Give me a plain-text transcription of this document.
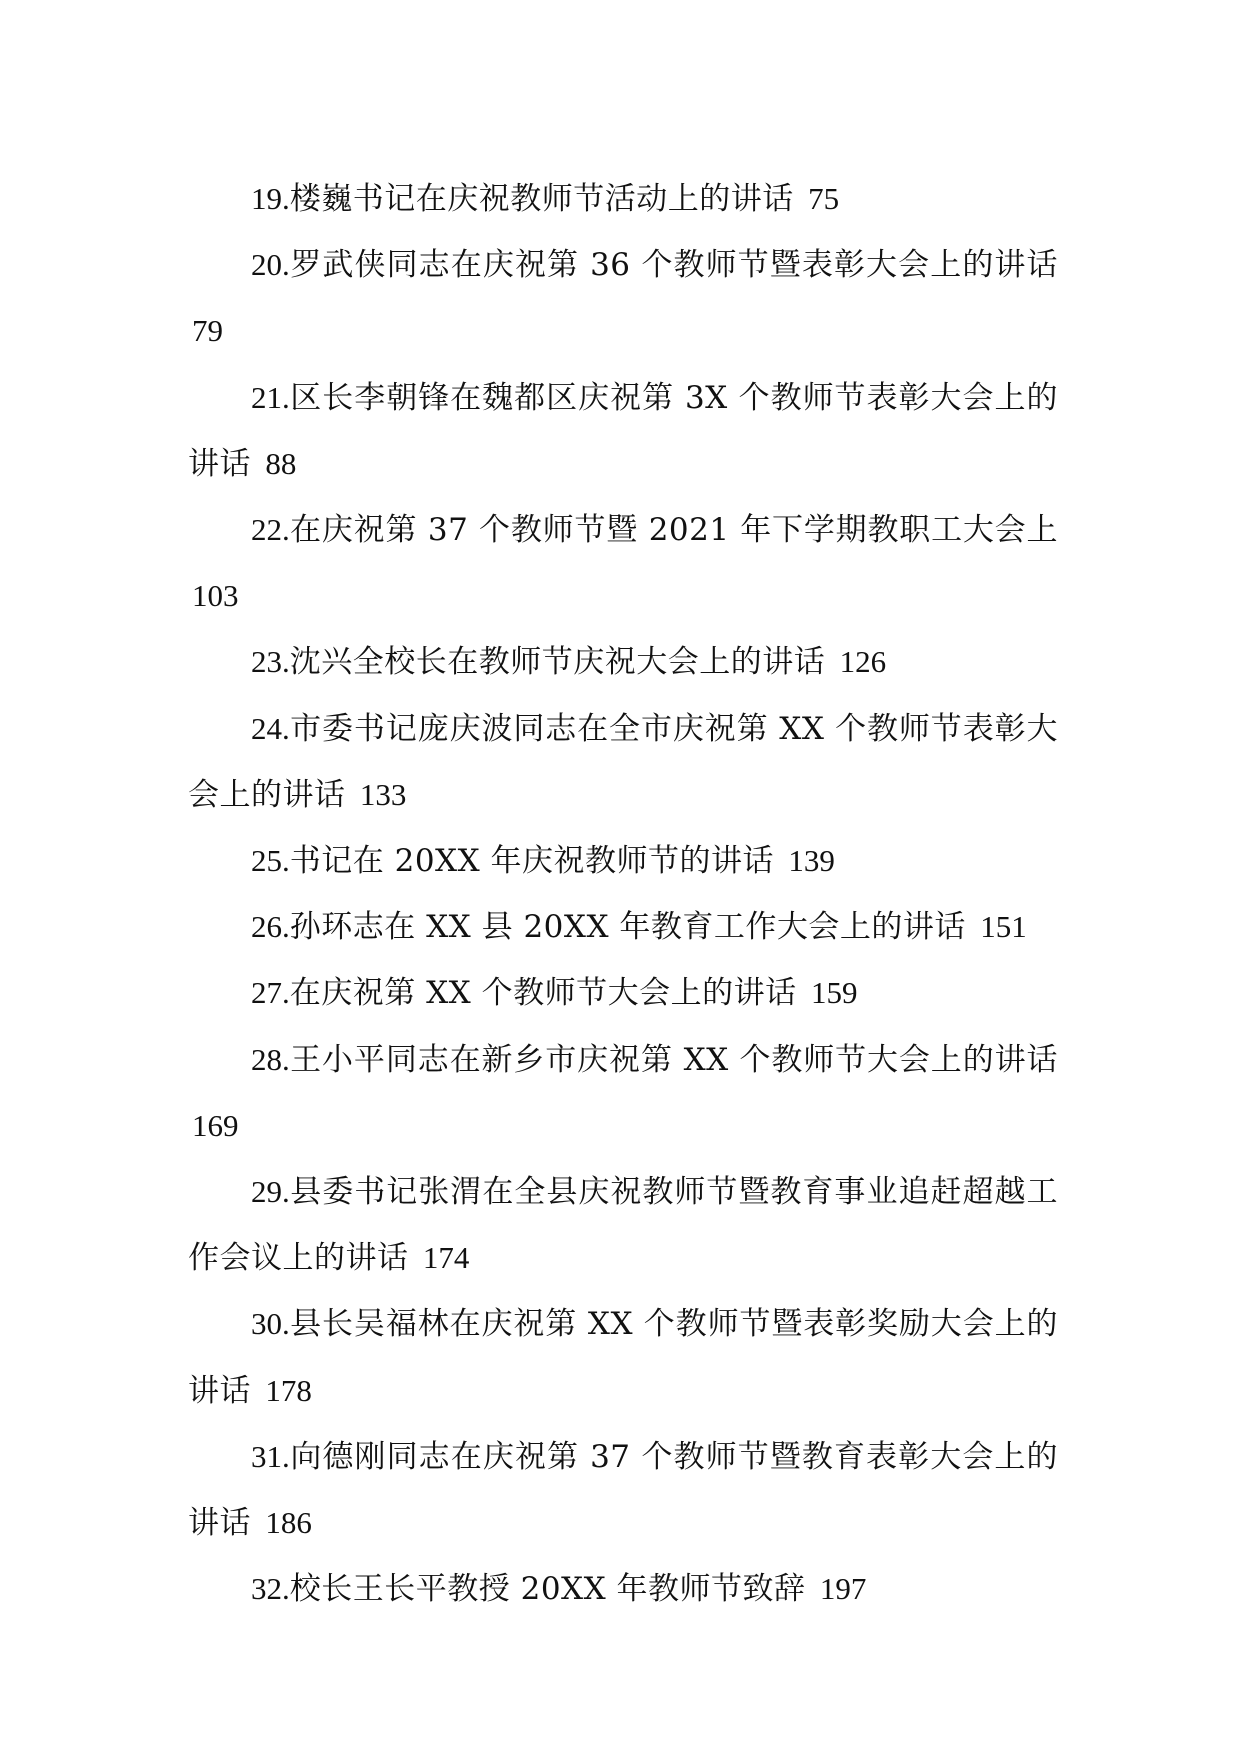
19.楼巍书记在庆祝教师节活动上的讲话 75
20.罗武侠同志在庆祝第 36 个教师节暨表彰大会上的讲话 79
21.区长李朝锋在魏都区庆祝第 3X 个教师节表彰大会上的讲话 88
22.在庆祝第 37 个教师节暨 2021 年下学期教职工大会上 103
23.沈兴全校长在教师节庆祝大会上的讲话 126
24.市委书记庞庆波同志在全市庆祝第 XX 个教师节表彰大会上的讲话 133
25.书记在 20XX 年庆祝教师节的讲话 139
26.孙环志在 XX 县 20XX 年教育工作大会上的讲话 151
27.在庆祝第 XX 个教师节大会上的讲话 159
28.王小平同志在新乡市庆祝第 XX 个教师节大会上的讲话 169
29.县委书记张渭在全县庆祝教师节暨教育事业追赶超越工作会议上的讲话 174
30.县长吴福林在庆祝第 XX 个教师节暨表彰奖励大会上的讲话 178
31.向德刚同志在庆祝第 37 个教师节暨教育表彰大会上的讲话 186
32.校长王长平教授 20XX 年教师节致辞 197
